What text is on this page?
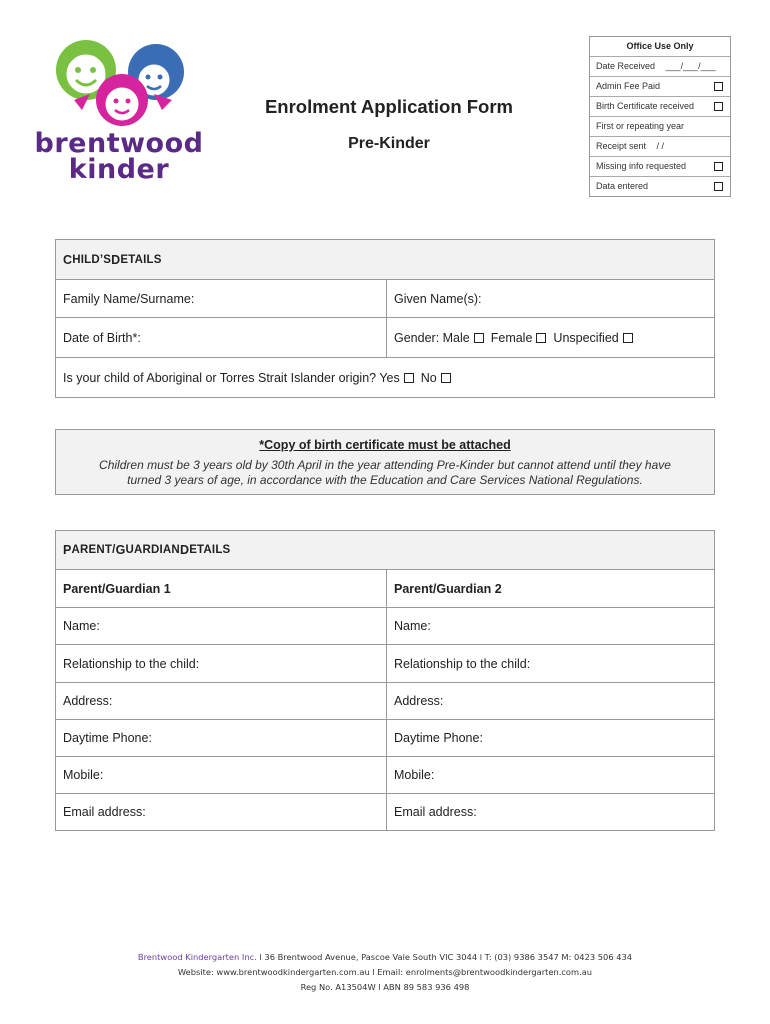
brentwood
kinder
Enrolment Application Form
Pre-Kinder
Office Use Only
Date Received ___/___/___
Admin Fee Paid
Birth Certificate received
First or repeating year
Receipt sent / /
Missing info requested
Data entered
C HILD ’S D ETAILS
Family Name/Surname:	Given Name(s):
Date of Birth*:	Gender: Male Female Unspecified
Is your child of Aboriginal or Torres Strait Islander origin? Yes No
*Copy of birth certificate must be attached
Children must be 3 years old by 30th April in the year attending Pre-Kinder but cannot attend until they have turned 3 years of age, in accordance with the Education and Care Services National Regulations.
P ARENT / G UARDIAN D ETAILS
Parent/Guardian 1	Parent/Guardian 2
Name:	Name:
Relationship to the child:	Relationship to the child:
Address:	Address:
Daytime Phone:	Daytime Phone:
Mobile:	Mobile:
Email address:	Email address:
Brentwood Kindergarten Inc. l 36 Brentwood Avenue, Pascoe Vale South VIC 3044 l T: (03) 9386 3547 M: 0423 506 434
Website: www.brentwoodkindergarten.com.au l Email: enrolments@brentwoodkindergarten.com.au
Reg No. A13504W l ABN 89 583 936 498
